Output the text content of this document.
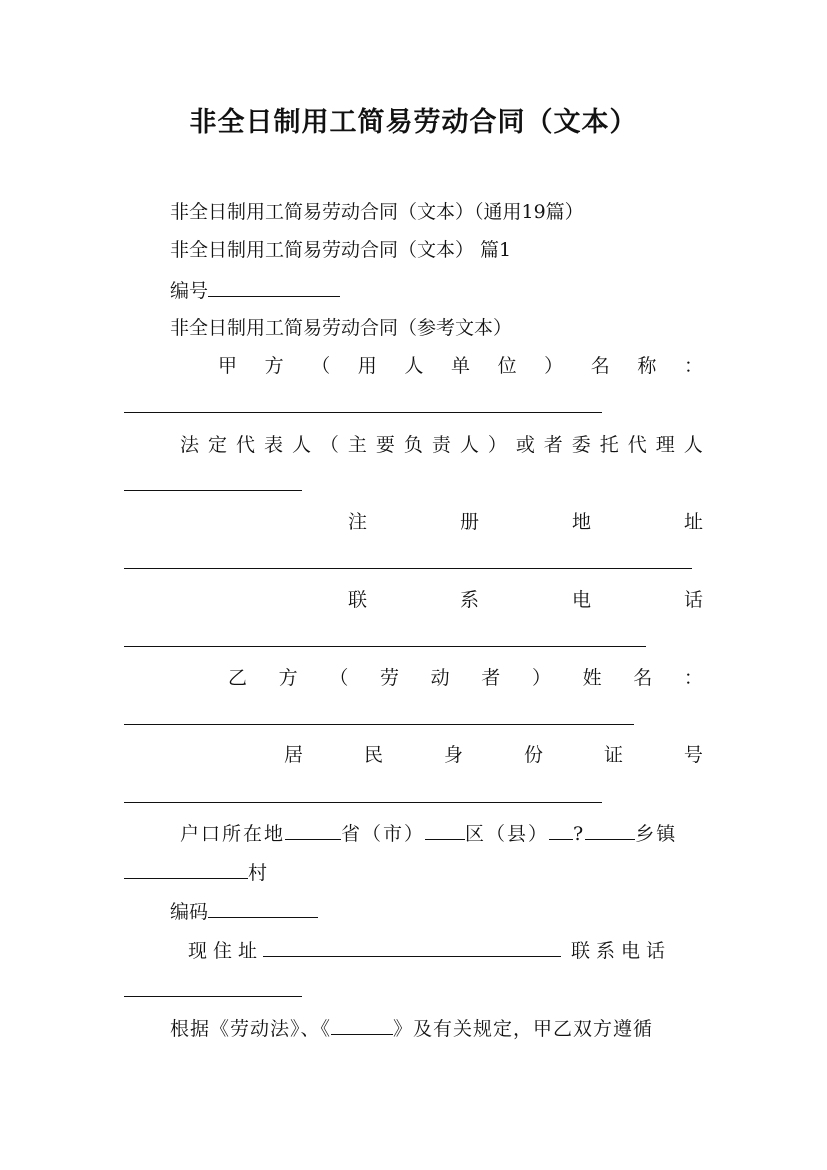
非全日制用工简易劳动合同（文本）
非全日制用工简易劳动合同（文本）（通用19篇）
非全日制用工简易劳动合同（文本） 篇1
编号
非全日制用工简易劳动合同（参考文本）
甲 方 （ 用 人 单 位 ） 名 称 ：
法 定 代 表 人 （ 主 要 负 责 人 ） 或 者 委 托 代 理 人
注	册	地	址
联	系	电	话
乙 方 （ 劳 动 者 ） 姓 名 ：
居	民	身	份	证	号
户口所在地	省（市） 区（县） ?	乡镇
村
编码
现住址	联系电话
根据《劳动法》、《	》及有关规定，甲乙双方遵循
